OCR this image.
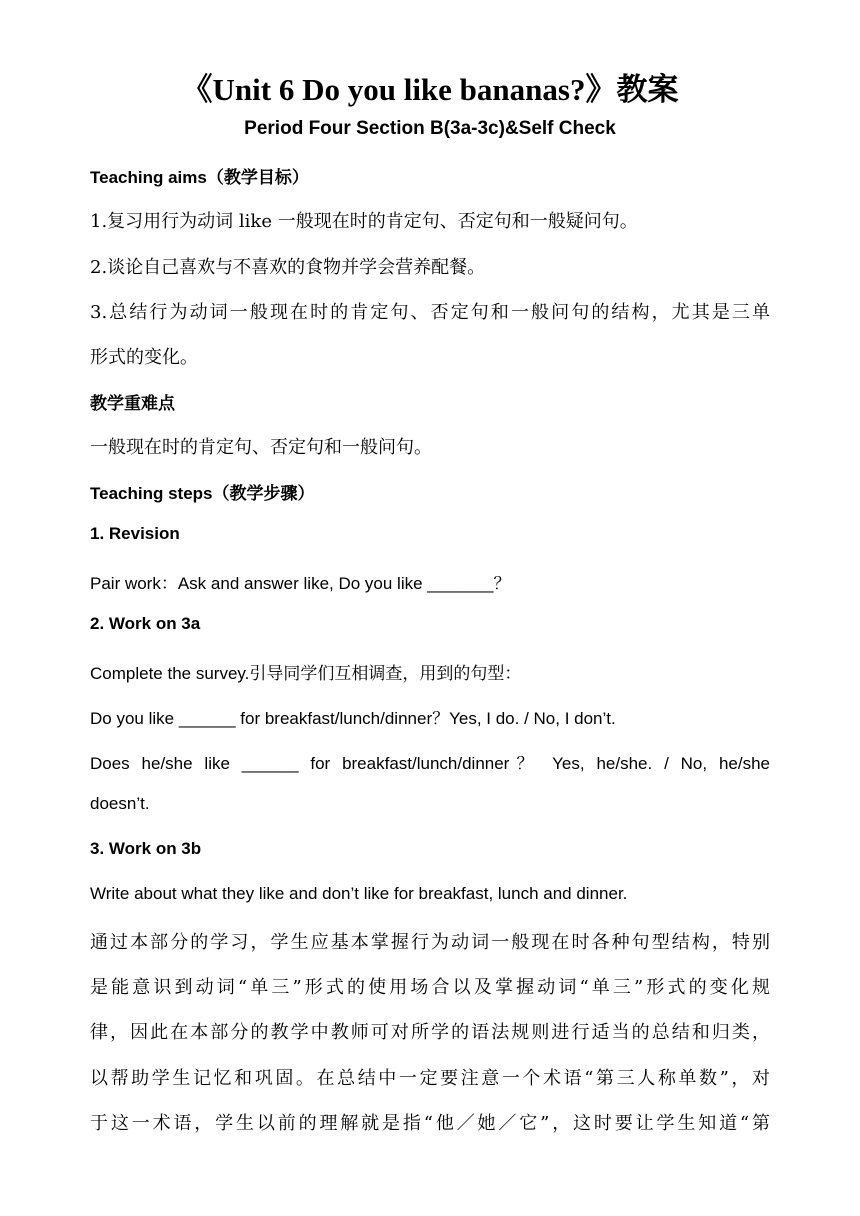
《Unit 6 Do you like bananas?》教案
Period Four Section B(3a-3c)&Self Check
Teaching aims（教学目标）
1.复习用行为动词 like 一般现在时的肯定句、否定句和一般疑问句。
2.谈论自己喜欢与不喜欢的食物并学会营养配餐。
3.总结行为动词一般现在时的肯定句、否定句和一般问句的结构，尤其是三单
形式的变化。
教学重难点
一般现在时的肯定句、否定句和一般问句。
Teaching steps（教学步骤）
1. Revision
Pair work：Ask and answer like, Do you like _______？
2. Work on 3a
Complete the survey.引导同学们互相调查，用到的句型：
Do you like ______ for breakfast/lunch/dinner？Yes, I do. / No, I don’t.
Does he/she like ______ for breakfast/lunch/dinner？ Yes, he/she. / No, he/she
doesn’t.
3. Work on 3b
Write about what they like and don’t like for breakfast, lunch and dinner.
通过本部分的学习，学生应基本掌握行为动词一般现在时各种句型结构，特别
是能意识到动词“单三”形式的使用场合以及掌握动词“单三”形式的变化规
律，因此在本部分的教学中教师可对所学的语法规则进行适当的总结和归类，
以帮助学生记忆和巩固。在总结中一定要注意一个术语“第三人称单数”，对
于这一术语，学生以前的理解就是指“他／她／它”，这时要让学生知道“第
